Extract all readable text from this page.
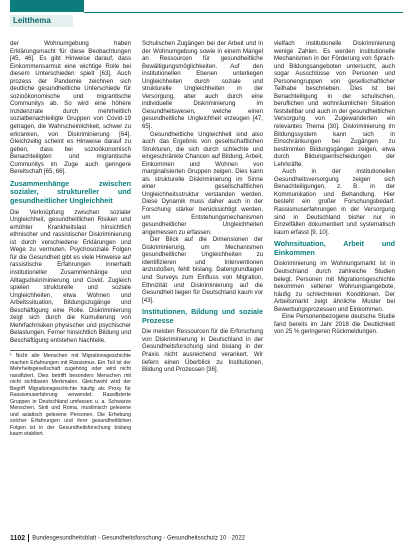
Leitthema

der Wohnumgebung haben Erklärungsmacht für diese Beobachtungen [45, 46]. Es gibt Hinweise darauf, dass Einkommensarmut eine wichtige Rolle bei diesem Unterschieden spielt [63]. Auch prozess der Pandemie zeichnen sich deutliche gesundheitliche Unterschiede für sozioökonomische und migrantische Communitys ab. So wird eine höhere Inzidenzrate durch mehrheitlich sozialbenachteiligte Gruppen von Covid-19 getragen, die Wahrscheinlichkeit, schwer zu erkranken, von Diskriminierung [64]. Gleichzeitig scheint es Hinweise darauf zu geben, dass bei sozioökonomisch Benachteiligten und migrantische Communitys im Zuge auch geringere Bereitschaft [65, 66].

Zusammenhänge zwischen sozialer, struktureller und gesundheitlicher Ungleichheit

Die Verknüpfung zwischen sozialer Ungleichheit, gesundheitlichen Risiken und erhöhter Krankheitslast hinsichtlich ethnischer und rassistischer Diskriminierung ist durch verschiedene Erklärungen und Wege zu vermuten. Psychosoziale Folgen für die Gesundheit gibt es viele Hinweise auf rassistische Erfahrungen innerhalb institutioneller Zusammenhänge und Alltagsdiskriminierung und Covid. Zugleich spielen strukturelle und soziale Ungleichheiten, etwa Wohnen und Arbeitssituation, Bildungszugänge und Beschäftigung eine Rolle. Diskriminierung zeigt sich durch die Kumulierung von Mehrfachrisiken physischer und psychischer Belastungen. Ferner hinsichtlich Bildung und Beschäftigung entstehen Nachteile.

¹ Nicht alle Menschen mit Migrationsgeschichte machen Erfahrungen mit Rassismus. Ein Teil ist der Mehrheitsgesellschaft zugehörig oder wird nicht rassifiziert. Dies betrifft besonders Menschen mit nicht sichtbaren Merkmalen. Gleichwohl wird der Begriff Migrationsgeschichte häufig als Proxy für Rassismuserfahrung verwendet. Rassifizierte Gruppen in Deutschland umfassen u. a. Schwarze Menschen, Sinti und Roma, muslimisch gelesene und asiatisch gelesene Personen. Die Erhebung solcher Erfahrungen und ihrer gesundheitlichen Folgen ist in der Gesundheitsforschung bislang kaum etabliert.

Schulischen Zugängen bei der Arbeit und in der Wohnumgebung sowie in einem Mangel an Ressourcen für gesundheitliche Bewältigungsmöglichkeiten. Auf den institutionellen Ebenen unterliegen Ungleichheiten durch soziale und strukturelle Ungleichheiten in der Versorgung, aber auch durch eine individuelle Diskriminierung im Gesundheitswesen, welche einen gesundheitliche Ungleichheit erzeugen [47, 65].

Gesundheitliche Ungleichheit sind also auch das Ergebnis von gesellschaftlichen Strukturen, die sich durch schlechte und eingeschränkte Chancen auf Bildung, Arbeit, Einkommen und Wohnen von marginalisierten Gruppen zeigen. Dies kann als strukturelle Diskriminierung im Sinne einer gesellschaftlichen Ungleichheitsstruktur verstanden werden. Diese Dynamik muss daher auch in der Forschung stärker berücksichtigt werden, um Entstehungsmechanismen gesundheitlicher Ungleichheiten angemessen zu erfassen.

Der Blick auf die Dimensionen der Diskriminierung, um Mechanismen gesundheitlicher Ungleichheiten zu identifizieren und Interventionen anzustoßen, fehlt bislang. Datengrundlagen und Surveys zum Einfluss von Migration, Ethnizität und Diskriminierung auf die Gesundheit liegen für Deutschland kaum vor [43].

Institutionen, Bildung und soziale Prozesse

Die meisten Ressourcen für die Erforschung von Diskriminierung in Deutschland in der Gesundheitsforschung sind bislang in der Praxis nicht ausreichend verankert. Wir liefern einen Überblick zu Institutionen, Bildung und Prozessen [36].

vielfach institutionelle Diskriminierung wenige Zahlen. Es werden institutionelle Mechanismen in der Förderung von Sprach- und Bildungsangeboten untersucht, auch sogar Ausschlüsse von Personen und Personengruppen von gesellschaftlicher Teilhabe beschrieben. Dies ist bei Benachteiligung in der schulischen, beruflichen und wohnräumlichen Situation feststellbar und auch in der gesundheitlichen Versorgung von Zugewanderten ein relevantes Thema [30]. Diskriminierung im Bildungssystem kann sich in Einschränkungen bei Zugängen zu bestimmten Bildungsgängen zeigen, etwa durch Bildungsentscheidungen der Lehrkräfte.

Auch in der institutionellen Gesundheitsversorgung zeigen sich Benachteiligungen, z. B. in der Kommunikation und Behandlung. Hier besteht ein großer Forschungsbedarf. Rassismuserfahrungen in der Versorgung sind in Deutschland bisher nur in Einzelfällen dokumentiert und systematisch kaum erfasst [9, 10].

Wohnsituation, Arbeit und Einkommen

Diskriminierung im Wohnungsmarkt ist in Deutschland durch zahlreiche Studien belegt. Personen mit Migrationsgeschichte bekommen seltener Wohnungsangebote, häufig zu schlechteren Konditionen. Der Arbeitsmarkt zeigt ähnliche Muster bei Bewerbungsprozessen und Einkommen.

Eine Personenbezogene deutsche Studie fand bereits im Jahr 2018 die Deutlichkeit von 25 % geringeren Rückmeldungen.

1102 Bundesgesundheitsblatt - Gesundheitsforschung - Gesundheitsschutz 10 · 2022
